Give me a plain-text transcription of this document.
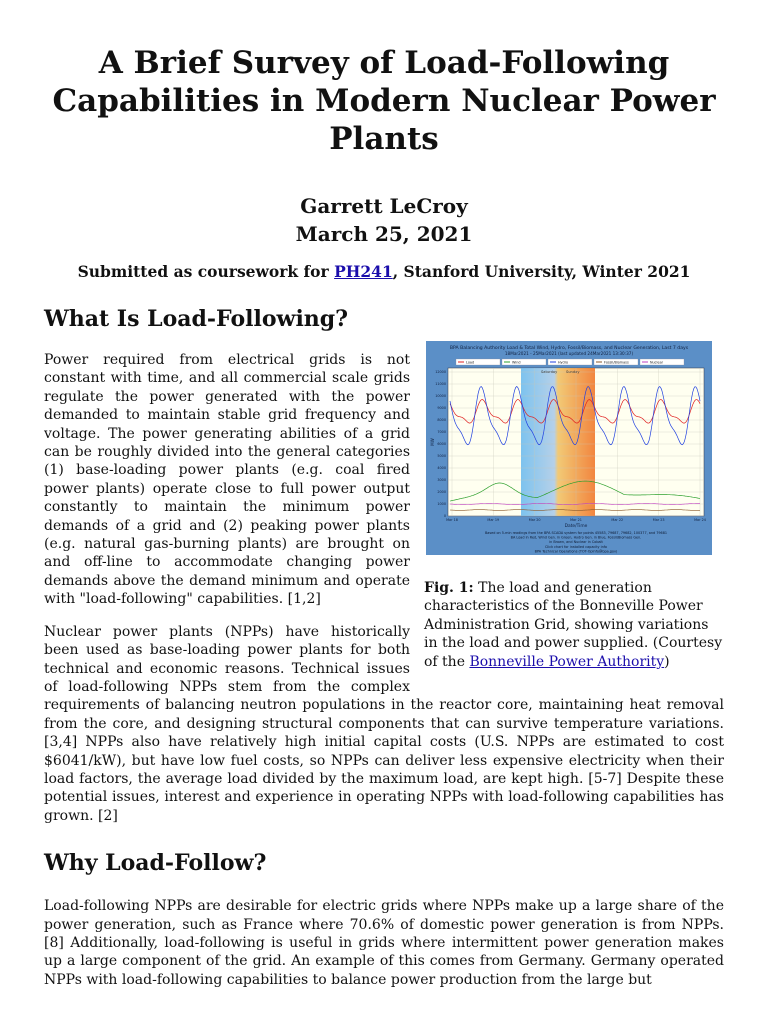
A Brief Survey of Load-Following Capabilities in Modern Nuclear Power Plants
Garrett LeCroy
March 25, 2021
Submitted as coursework for PH241, Stanford University, Winter 2021
What Is Load-Following?
BPA Balancing Authority Load & Total Wind, Hydro, Fossil/Biomass, and Nuclear Generation, Last 7 days
18Mar2021 - 25Mar2021 (last updated 24Mar2021 13:30:37)
Load	Wind	Hydro	Fossil/Biomass	Nuclear
Saturday Sunday
12000
11000
10000
9000
8000
7000
6000
5000
4000
3000
2000
1000
0
Mar 18	Mar 19	Mar 20	Mar 21	Mar 22	Mar 23	Mar 24
MW
Date/Time
Based on 5-min readings from the BPA SCADA system for points 45583, 79687, 79682, 100377, and 79681
BA Load in Red, Wind Gen. in Green, Hydro Gen. in Blue, Fossil/Biomass Gen.
in Brown, and Nuclear in Cobalt
Click chart for installed capacity info
BPA Technical Operations (TOT-OpInfo@bpa.gov)
Fig. 1: The load and generation characteristics of the Bonneville Power Administration Grid, showing variations in the load and power supplied. (Courtesy of the Bonneville Power Authority)

Power required from electrical grids is not constant with time, and all commercial scale grids regulate the power generated with the power demanded to maintain stable grid frequency and voltage. The power generating abilities of a grid can be roughly divided into the general categories (1) base-loading power plants (e.g. coal fired power plants) operate close to full power output constantly to maintain the minimum power demands of a grid and (2) peaking power plants (e.g. natural gas-burning plants) are brought on and off-line to accommodate changing power demands above the demand minimum and operate with "load-following" capabilities. [1,2]

Nuclear power plants (NPPs) have historically been used as base-loading power plants for both technical and economic reasons. Technical issues of load-following NPPs stem from the complex requirements of balancing neutron populations in the reactor core, maintaining heat removal from the core, and designing structural components that can survive temperature variations. [3,4] NPPs also have relatively high initial capital costs (U.S. NPPs are estimated to cost $6041/kW), but have low fuel costs, so NPPs can deliver less expensive electricity when their load factors, the average load divided by the maximum load, are kept high. [5-7] Despite these potential issues, interest and experience in operating NPPs with load-following capabilities has grown. [2]

Why Load-Follow?

Load-following NPPs are desirable for electric grids where NPPs make up a large share of the power generation, such as France where 70.6% of domestic power generation is from NPPs. [8] Additionally, load-following is useful in grids where intermittent power generation makes up a large component of the grid. An example of this comes from Germany. Germany operated NPPs with load-following capabilities to balance power production from the large but
